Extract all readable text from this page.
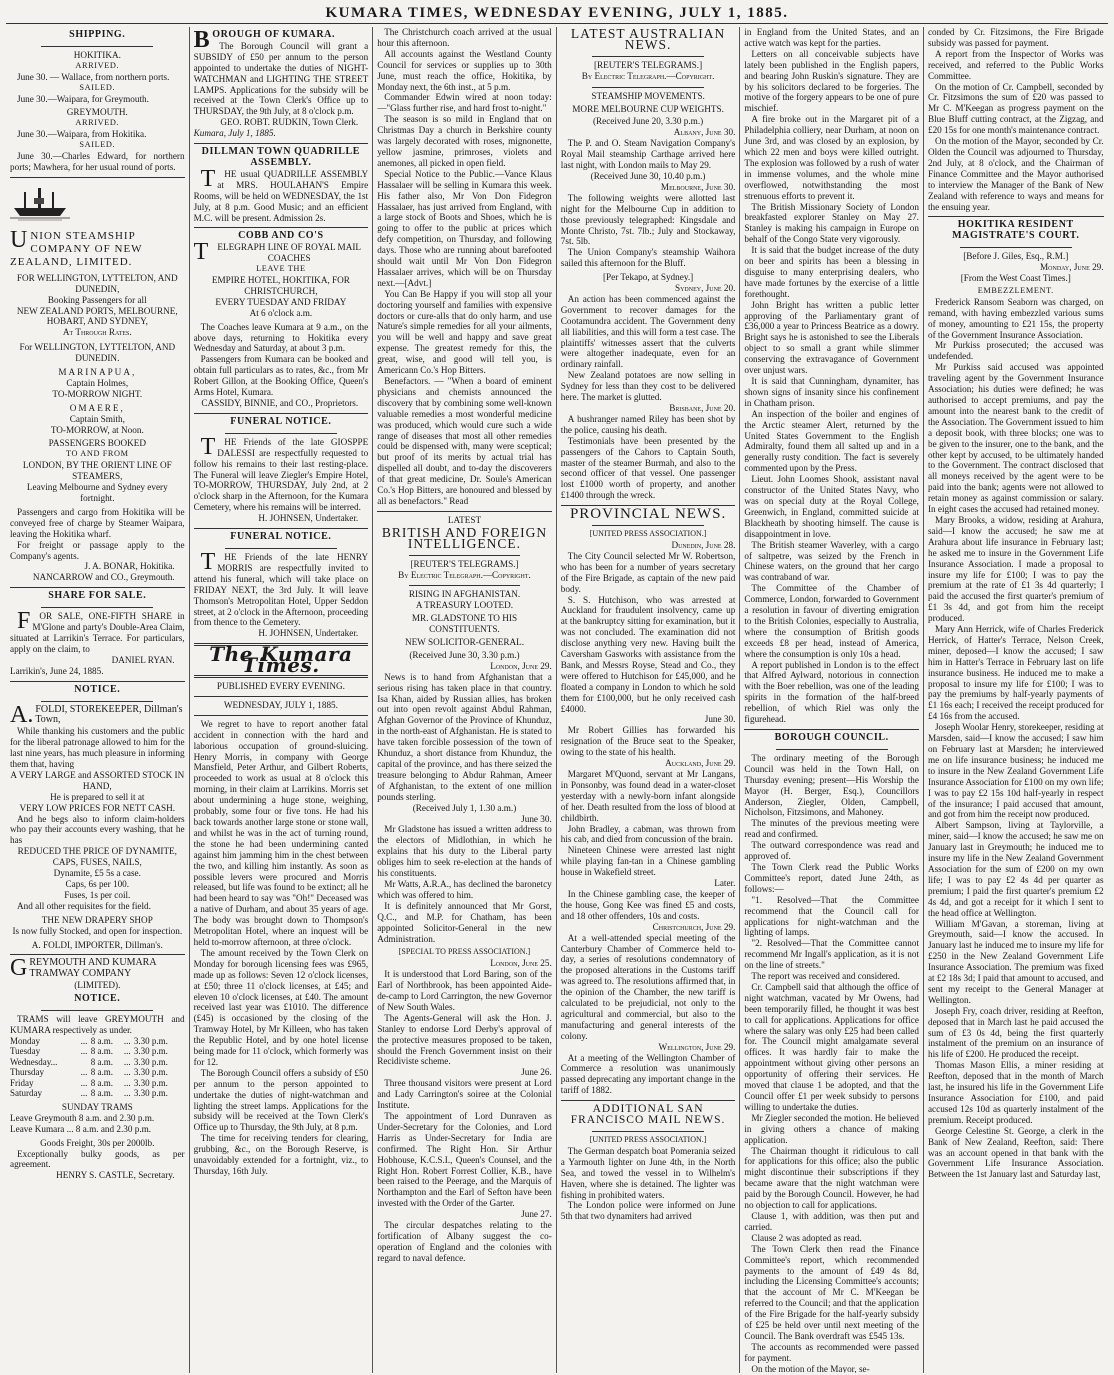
KUMARA TIMES, WEDNESDAY EVENING, JULY 1, 1885.
SHIPPING.
HOKITIKA.
ARRIVED.

June 30. — Wallace, from northern ports.

SAILED.

June 30.—Waipara, for Greymouth.

GREYMOUTH.
ARRIVED.

June 30.—Waipara, from Hokitika.

SAILED.

June 30.—Charles Edward, for northern ports; Mawhera, for her usual round of ports.

UNION STEAMSHIP COMPANY OF NEW ZEALAND, LIMITED.
FOR WELLINGTON, LYTTELTON, AND DUNEDIN,
Booking Passengers for all
NEW ZEALAND PORTS, MELBOURNE, HOBART, AND SYDNEY,
At Through Rates.
For WELLINGTON, LYTTELTON, AND DUNEDIN.
MARINAPUA,
Captain Holmes,
TO-MORROW NIGHT.
OMAERE,
Captain Smith,
TO-MORROW, at Noon.
PASSENGERS BOOKED
TO AND FROM
LONDON, BY THE ORIENT LINE OF STEAMERS,
Leaving Melbourne and Sydney every fortnight.

Passengers and cargo from Hokitika will be conveyed free of charge by Steamer Waipara, leaving the Hokitika wharf.

For freight or passage apply to the Company's agents.

J. A. BONAR, Hokitika.
NANCARROW and CO., Greymouth.
SHARE FOR SALE.

FOR SALE, ONE-FIFTH SHARE in M'Glone and party's Double-Area Claim, situated at Larrikin's Terrace. For particulars, apply on the claim, to

DANIEL RYAN.
Larrikin's, June 24, 1885.
NOTICE.
A.FOLDI, STOREKEEPER, Dillman's Town,

While thanking his customers and the public for the liberal patronage allowed to him for the last nine years, has much pleasure in informing them that, having

A VERY LARGE and ASSORTED STOCK IN HAND,
He is prepared to sell it at
VERY LOW PRICES FOR NETT CASH.

And he begs also to inform claim-holders who pay their accounts every washing, that he has

REDUCED THE PRICE OF DYNAMITE, CAPS, FUSES, NAILS,
Dynamite, £5 5s a case.
Caps, 6s per 100.
Fuses, 1s per coil.

And all other requisites for the field.

THE NEW DRAPERY SHOP
Is now fully Stocked, and open for inspection.
A. FOLDI, IMPORTER, Dillman's.
GREYMOUTH AND KUMARA TRAMWAY COMPANY
(LIMITED).
NOTICE.

TRAMS will leave GREYMOUTH and KUMARA respectively as under.

Monday	...	8 a.m.	...	3.30 p.m.
Tuesday	...	8 a.m.	...	3.30 p.m.
Wednesday...		8 a.m.	...	3.30 p.m.
Thursday	...	8 a.m.	...	3.30 p.m.
Friday	...	8 a.m.	...	3.30 p.m.
Saturday	...	8 a.m.	...	3.30 p.m.
SUNDAY TRAMS
Leave Greymouth 8 a.m. and 2.30 p.m.
Leave Kumara ... 8 a.m. and 2.30 p.m.
Goods Freight, 30s per 2000lb.

Exceptionally bulky goods, as per agreement.

HENRY S. CASTLE, Secretary.
BOROUGH OF KUMARA.

The Borough Council will grant a SUBSIDY of £50 per annum to the person appointed to undertake the duties of NIGHT-WATCHMAN and LIGHTING THE STREET LAMPS. Applications for the subsidy will be received at the Town Clerk's Office up to THURSDAY, the 9th July, at 8 o'clock p.m.

GEO. ROBT. RUDKIN, Town Clerk.
Kumara, July 1, 1885.
DILLMAN TOWN QUADRILLE ASSEMBLY.

THE usual QUADRILLE ASSEMBLY at MRS. HOULAHAN'S Empire Rooms, will be held on WEDNESDAY, the 1st July, at 8 p.m. Good Music; and an efficient M.C. will be present. Admission 2s.

COBB AND CO'S
TELEGRAPH LINE OF ROYAL MAIL COACHES
LEAVE THE
EMPIRE HOTEL, HOKITIKA, FOR CHRISTCHURCH,
EVERY TUESDAY AND FRIDAY
At 6 o'clock a.m.

The Coaches leave Kumara at 9 a.m., on the above days, returning to Hokitika every Wednesday and Saturday, at about 3 p.m.

Passengers from Kumara can be booked and obtain full particulars as to rates, &c., from Mr Robert Gillon, at the Booking Office, Queen's Arms Hotel, Kumara.

CASSIDY, BINNIE, and CO., Proprietors.
FUNERAL NOTICE.

THE Friends of the late GIOSPPE DALESSI are respectfully requested to follow his remains to their last resting-place. The Funeral will leave Ziegler's Empire Hotel, TO-MORROW, THURSDAY, July 2nd, at 2 o'clock sharp in the Afternoon, for the Kumara Cemetery, where his remains will be interred.

H. JOHNSEN, Undertaker.
FUNERAL NOTICE.

THE Friends of the late HENRY MORRIS are respectfully invited to attend his funeral, which will take place on FRIDAY NEXT, the 3rd July. It will leave Thomson's Metropolitan Hotel, Upper Seddon street, at 2 o'clock in the Afternoon, proceeding from thence to the Cemetery.

H. JOHNSEN, Undertaker.
The Kumara Times.
PUBLISHED EVERY EVENING.
WEDNESDAY, JULY 1, 1885.

We regret to have to report another fatal accident in connection with the hard and laborious occupation of ground-sluicing. Henry Morris, in company with George Mansfield, Peter Arthur, and Gilbert Roberts, proceeded to work as usual at 8 o'clock this morning, in their claim at Larrikins. Morris set about undermining a huge stone, weighing, probably, some four or five tons. He had his back towards another large stone or stone wall, and whilst he was in the act of turning round, the stone he had been undermining canted against him jamming him in the chest between the two, and killing him instantly. As soon as possible levers were procured and Morris released, but life was found to be extinct; all he had been heard to say was "Oh!" Deceased was a native of Durham, and about 35 years of age. The body was brought down to Thompson's Metropolitan Hotel, where an inquest will be held to-morrow afternoon, at three o'clock.

The amount received by the Town Clerk on Monday for borough licensing fees was £965, made up as follows: Seven 12 o'clock licenses, at £50; three 11 o'clock licenses, at £45; and eleven 10 o'clock licenses, at £40. The amount received last year was £1010. The difference (£45) is occasioned by the closing of the Tramway Hotel, by Mr Killeen, who has taken the Republic Hotel, and by one hotel license being made for 11 o'clock, which formerly was for 12.

The Borough Council offers a subsidy of £50 per annum to the person appointed to undertake the duties of night-watchman and lighting the street lamps. Applications for the subsidy will be received at the Town Clerk's Office up to Thursday, the 9th July, at 8 p.m.

The time for receiving tenders for clearing, grubbing, &c., on the Borough Reserve, is unavoidably extended for a fortnight, viz., to Thursday, 16th July.

The Christchurch coach arrived at the usual hour this afternoon.

All accounts against the Westland County Council for services or supplies up to 30th June, must reach the office, Hokitika, by Monday next, the 6th inst., at 5 p.m.

Commander Edwin wired at noon today:—"Glass further rise, and hard frost to-night."

The season is so mild in England that on Christmas Day a church in Berkshire county was largely decorated with roses, mignonette, yellow jasmine, primroses, violets and anemones, all picked in open field.

Special Notice to the Public.—Vance Klaus Hassalaer will be selling in Kumara this week. His father also, Mr Von Don Fidegron Hassalaer, has just arrived from England, with a large stock of Boots and Shoes, which he is going to offer to the public at prices which defy competition, on Thursday, and following days. Those who are running about barefooted should wait until Mr Von Don Fidegron Hassalaer arrives, which will be on Thursday next.—[Advt.]

You Can Be Happy if you will stop all your doctoring yourself and families with expensive doctors or cure-alls that do only harm, and use Nature's simple remedies for all your ailments, you will be well and happy and save great expense. The greatest remedy for this, the great, wise, and good will tell you, is Americann Co.'s Hop Bitters.

Benefactors. — "When a board of eminent physicians and chemists announced the discovery that by combining some well-known valuable remedies a most wonderful medicine was produced, which would cure such a wide range of diseases that most all other remedies could be dispensed with, many were sceptical; but proof of its merits by actual trial has dispelled all doubt, and to-day the discoverers of that great medicine, Dr. Soule's American Co.'s Hop Bitters, are honoured and blessed by all as benefactors." Read

LATEST
BRITISH AND FOREIGN INTELLIGENCE.
[REUTER'S TELEGRAMS.]
By Electric Telegraph.—Copyright.
RISING IN AFGHANISTAN.
A TREASURY LOOTED.
MR. GLADSTONE TO HIS CONSTITUENTS.
NEW SOLICITOR-GENERAL.
(Received June 30, 3.30 p.m.)
London, June 29.

News is to hand from Afghanistan that a serious rising has taken place in that country. Isa Khan, aided by Russian allies, has broken out into open revolt against Abdul Rahman, Afghan Governor of the Province of Khunduz, in the north-east of Afghanistan. He is stated to have taken forcible possession of the town of Khunduz, a short distance from Khunduz, the capital of the province, and has there seized the treasure belonging to Abdur Rahman, Ameer of Afghanistan, to the extent of one million pounds sterling.

(Received July 1, 1.30 a.m.)
June 30.

Mr Gladstone has issued a written address to the electors of Midlothian, in which he explains that his duty to the Liberal party obliges him to seek re-election at the hands of his constituents.

Mr Watts, A.R.A., has declined the baronetcy which was offered to him.

It is definitely announced that Mr Gorst, Q.C., and M.P. for Chatham, has been appointed Solicitor-General in the new Administration.

[SPECIAL TO PRESS ASSOCIATION.]
London, June 25.

It is understood that Lord Baring, son of the Earl of Northbrook, has been appointed Aide-de-camp to Lord Carrington, the new Governor of New South Wales.

The Agents-General will ask the Hon. J. Stanley to endorse Lord Derby's approval of the protective measures proposed to be taken, should the French Government insist on their Recidiviste scheme.

June 26.

Three thousand visitors were present at Lord and Lady Carrington's soiree at the Colonial Institute.

The appointment of Lord Dunraven as Under-Secretary for the Colonies, and Lord Harris as Under-Secretary for India are confirmed. The Right Hon. Sir Arthur Hobhouse, K.C.S.I., Queen's Counsel, and the Right Hon. Robert Forrest Collier, K.B., have been raised to the Peerage, and the Marquis of Northampton and the Earl of Sefton have been invested with the Order of the Garter.

June 27.

The circular despatches relating to the fortification of Albany suggest the co-operation of England and the colonies with regard to naval defence.

LATEST AUSTRALIAN NEWS.
[REUTER'S TELEGRAMS.]
By Electric Telegraph.—Copyright.
STEAMSHIP MOVEMENTS.
MORE MELBOURNE CUP WEIGHTS.
(Received June 20, 3.30 p.m.)
Albany, June 30.

The P. and O. Steam Navigation Company's Royal Mail steamship Carthage arrived here last night, with London mails to May 29.

(Received June 30, 10.40 p.m.)
Melbourne, June 30.

The following weights were allotted last night for the Melbourne Cup in addition to those previously telegraphed: Kingsdale and Monte Christo, 7st. 7lb.; July and Stockaway, 7st. 5lb.

The Union Company's steamship Waihora sailed this afternoon for the Bluff.

[Per Tekapo, at Sydney.]
Sydney, June 20.

An action has been commenced against the Government to recover damages for the Cootamundra accident. The Government deny all liabilities, and this will form a test case. The plaintiffs' witnesses assert that the culverts were altogether inadequate, even for an ordinary rainfall.

New Zealand potatoes are now selling in Sydney for less than they cost to be delivered here. The market is glutted.

Brisbane, June 20.

A bushranger named Riley has been shot by the police, causing his death.

Testimonials have been presented by the passengers of the Cahors to Captain South, master of the steamer Burmah, and also to the second officer of that vessel. One passenger lost £1000 worth of property, and another £1400 through the wreck.

PROVINCIAL NEWS.
[UNITED PRESS ASSOCIATION.]
Dunedin, June 28.

The City Council selected Mr W. Robertson, who has been for a number of years secretary of the Fire Brigade, as captain of the new paid body.

S. S. Hutchison, who was arrested at Auckland for fraudulent insolvency, came up at the bankruptcy sitting for examination, but it was not concluded. The examination did not disclose anything very new. Having built the Caversham Gasworks with assistance from the Bank, and Messrs Royse, Stead and Co., they were offered to Hutchison for £45,000, and he floated a company in London to which he sold them for £100,000, but he only received cash £4000.

June 30.

Mr Robert Gillies has forwarded his resignation of the Bruce seat to the Speaker, owing to the state of his health.

Auckland, June 29.

Margaret M'Quond, servant at Mr Langans, in Ponsonby, was found dead in a water-closet yesterday with a newly-born infant alongside of her. Death resulted from the loss of blood at childbirth.

John Bradley, a cabman, was thrown from his cab, and died from concussion of the brain.

Nineteen Chinese were arrested last night while playing fan-tan in a Chinese gambling house in Wakefield street.

Later.

In the Chinese gambling case, the keeper of the house, Gong Kee was fined £5 and costs, and 18 other offenders, 10s and costs.

Christchurch, June 29.

At a well-attended special meeting of the Canterbury Chamber of Commerce held to-day, a series of resolutions condemnatory of the proposed alterations in the Customs tariff was agreed to. The resolutions affirmed that, in the opinion of the Chamber, the new tariff is calculated to be prejudicial, not only to the agricultural and commercial, but also to the manufacturing and general interests of the colony.

Wellington, June 29.

At a meeting of the Wellington Chamber of Commerce a resolution was unanimously passed deprecating any important change in the tariff of 1882.

ADDITIONAL SAN FRANCISCO MAIL NEWS.
[UNITED PRESS ASSOCIATION.]

The German despatch boat Pomerania seized a Yarmouth lighter on June 4th, in the North Sea, and towed the vessel in to Wilhelm's Haven, where she is detained. The lighter was fishing in prohibited waters.

The London police were informed on June 5th that two dynamiters had arrived

in England from the United States, and an active watch was kept for the parties.

Letters on all conceivable subjects have lately been published in the English papers, and bearing John Ruskin's signature. They are by his solicitors declared to be forgeries. The motive of the forgery appears to be one of pure mischief.

A fire broke out in the Margaret pit of a Philadelphia colliery, near Durham, at noon on June 3rd, and was closed by an explosion, by which 22 men and boys were killed outright. The explosion was followed by a rush of water in immense volumes, and the whole mine overflowed, notwithstanding the most strenuous efforts to prevent it.

The British Missionary Society of London breakfasted explorer Stanley on May 27. Stanley is making his campaign in Europe on behalf of the Congo State very vigorously.

It is said that the budget increase of the duty on beer and spirits has been a blessing in disguise to many enterprising dealers, who have made fortunes by the exercise of a little forethought.

John Bright has written a public letter approving of the Parliamentary grant of £36,000 a year to Princess Beatrice as a dowry. Bright says he is astonished to see the Liberals object to so small a grant while slimmer conserving the extravagance of Government over unjust wars.

It is said that Cunningham, dynamiter, has shown signs of insanity since his confinement in Chatham prison.

An inspection of the boiler and engines of the Arctic steamer Alert, returned by the United States Government to the English Admiralty, found them all salted up and in a generally rusty condition. The fact is severely commented upon by the Press.

Lieut. John Loomes Shook, assistant naval constructor of the United States Navy, who was on special duty at the Royal College, Greenwich, in England, committed suicide at Blackheath by shooting himself. The cause is disappointment in love.

The British steamer Waverley, with a cargo of saltpetre, was seized by the French in Chinese waters, on the ground that her cargo was contraband of war.

The Committee of the Chamber of Commerce, London, forwarded to Government a resolution in favour of diverting emigration to the British Colonies, especially to Australia, where the consumption of British goods exceeds £8 per head, instead of America, where the consumption is only 10s a head.

A report published in London is to the effect that Alfred Aylward, notorious in connection with the Boer rebellion, was one of the leading spirits in the formation of the half-breed rebellion, of which Riel was only the figurehead.

BOROUGH COUNCIL.

The ordinary meeting of the Borough Council was held in the Town Hall, on Thursday evening; present—His Worship the Mayor (H. Berger, Esq.), Councillors Anderson, Ziegler, Olden, Campbell, Nicholson, Fitzsimons, and Mahoney.

The minutes of the previous meeting were read and confirmed.

The outward correspondence was read and approved of.

The Town Clerk read the Public Works Committee's report, dated June 24th, as follows:—

"1. Resolved—That the Committee recommend that the Council call for applications for night-watchman and the lighting of lamps.

"2. Resolved—That the Committee cannot recommend Mr Ingall's application, as it is not on the line of streets."

The report was received and considered.

Cr. Campbell said that although the office of night watchman, vacated by Mr Owens, had been temporarily filled, he thought it was best to call for applications. Applications for office where the salary was only £25 had been called for. The Council might amalgamate several offices. It was hardly fair to make the appointment without giving other persons an opportunity of offering their services. He moved that clause 1 be adopted, and that the Council offer £1 per week subsidy to persons willing to undertake the duties.

Mr Ziegler seconded the motion. He believed in giving others a chance of making application.

The Chairman thought it ridiculous to call for applications for this office; also the public might discontinue their subscriptions if they became aware that the night watchman were paid by the Borough Council. However, he had no objection to call for applications.

Clause 1, with addition, was then put and carried.

Clause 2 was adopted as read.

The Town Clerk then read the Finance Committee's report, which recommended payments to the amount of £49 4s 8d, including the Licensing Committee's accounts; that the account of Mr C. M'Keegan be referred to the Council; and that the application of the Fire Brigade for the half-yearly subsidy of £25 be held over until next meeting of the Council. The Bank overdraft was £545 13s.

The accounts as recommended were passed for payment.

On the motion of the Mayor, se-

conded by Cr. Fitzsimons, the Fire Brigade subsidy was passed for payment.

A report from the Inspector of Works was received, and referred to the Public Works Committee.

On the motion of Cr. Campbell, seconded by Cr. Fitzsimons the sum of £20 was passed to Mr C. M'Keegan as progress payment on the Blue Bluff cutting contract, at the Zigzag, and £20 15s for one month's maintenance contract.

On the motion of the Mayor, seconded by Cr. Olden the Council was adjourned to Thursday, 2nd July, at 8 o'clock, and the Chairman of Finance Committee and the Mayor authorised to interview the Manager of the Bank of New Zealand with reference to ways and means for the ensuing year.

HOKITIKA RESIDENT MAGISTRATE'S COURT.
[Before J. Giles, Esq., R.M.]
Monday, June 29.
[From the West Coast Times.]
EMBEZZLEMENT.

Frederick Ransom Seaborn was charged, on remand, with having embezzled various sums of money, amounting to £21 15s, the property of the Government Insurance Association.

Mr Purkiss prosecuted; the accused was undefended.

Mr Purkiss said accused was appointed traveling agent by the Government Insurance Association; his duties were defined; he was authorised to accept premiums, and pay the amount into the nearest bank to the credit of the Association. The Government issued to him a deposit book, with three blocks; one was to be given to the insurer, one to the bank, and the other kept by accused, to be ultimately handed to the Government. The contract disclosed that all moneys received by the agent were to be paid into the bank; agents were not allowed to retain money as against commission or salary. In eight cases the accused had retained money.

Mary Brooks, a widow, residing at Arahura, said—I know the accused; he saw me at Arahura about life insurance in February last; he asked me to insure in the Government Life Insurance Association. I made a proposal to insure my life for £100; I was to pay the premium at the rate of £1 3s 4d quarterly; I paid the accused the first quarter's premium of £1 3s 4d, and got from him the receipt produced.

Mary Ann Herrick, wife of Charles Frederick Herrick, of Hatter's Terrace, Nelson Creek, miner, deposed—I know the accused; I saw him in Hatter's Terrace in February last on life insurance business. He induced me to make a proposal to insure my life for £100; I was to pay the premiums by half-yearly payments of £1 16s each; I received the receipt produced for £4 16s from the accused.

Joseph Woolar Henry, storekeeper, residing at Marsden, said—I know the accused; I saw him on February last at Marsden; he interviewed me on life insurance business; he induced me to insure in the New Zealand Government Life Insurance Association for £100 on my own life; I was to pay £2 15s 10d half-yearly in respect of the insurance; I paid accused that amount, and got from him the receipt now produced.

Albert Sampson, living at Taylorville, a miner, said—I know the accused; he saw me on January last in Greymouth; he induced me to insure my life in the New Zealand Government Association for the sum of £200 on my own life; I was to pay £2 4s 4d per quarter as premium; I paid the first quarter's premium £2 4s 4d, and got a receipt for it which I sent to the head office at Wellington.

William M'Gavan, a storeman, living at Greymouth, said—I know the accused. In January last he induced me to insure my life for £250 in the New Zealand Government Life Insurance Association. The premium was fixed at £2 18s 3d; I paid that amount to accused, and sent my receipt to the General Manager at Wellington.

Joseph Fry, coach driver, residing at Reefton, deposed that in March last he paid accused the sum of £3 0s 4d, being the first quarterly instalment of the premium on an insurance of his life of £200. He produced the receipt.

Thomas Mason Ellis, a miner residing at Reefton, deposed that in the month of March last, he insured his life in the Government Life Insurance Association for £100, and paid accused 12s 10d as quarterly instalment of the premium. Receipt produced.

George Celestine St. George, a clerk in the Bank of New Zealand, Reefton, said: There was an account opened in that bank with the Government Life Insurance Association. Between the 1st January last and Saturday last,
